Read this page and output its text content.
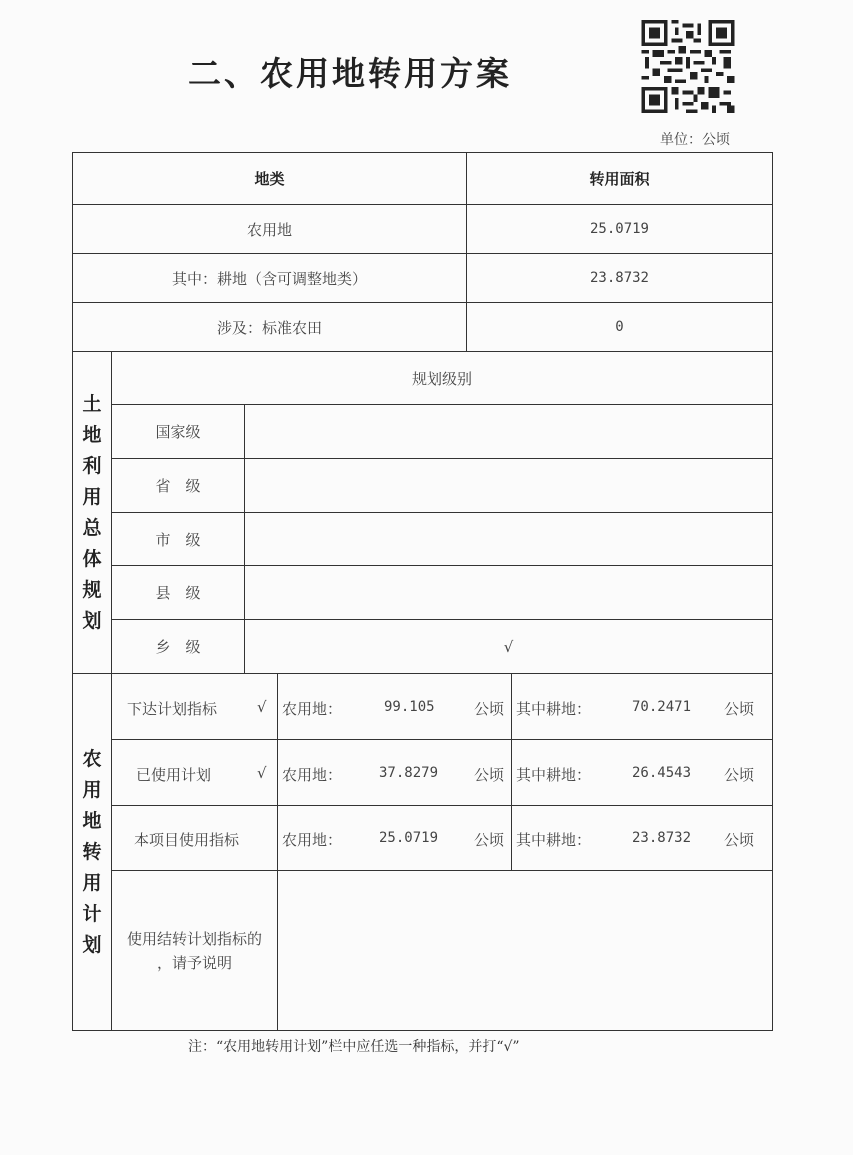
二、农用地转用方案
单位：公顷
地类	转用面积
农用地	25.0719
其中：耕地（含可调整地类）	23.8732
涉及：标准农田	0
土地利用总体规划
规划级别
国家级
省　级
市　级
县　级
乡　级	√
农用地转用计划
下达计划指标	√ 农用地：	99.105	公顷 其中耕地：	70.2471 公顷
已使用计划	√ 农用地：	37.8279 公顷 其中耕地：	26.4543 公顷
本项目使用指标	农用地：	25.0719 公顷 其中耕地：	23.8732 公顷
使用结转计划指标的
，请予说明
注：“农用地转用计划”栏中应任选一种指标，并打“√”
